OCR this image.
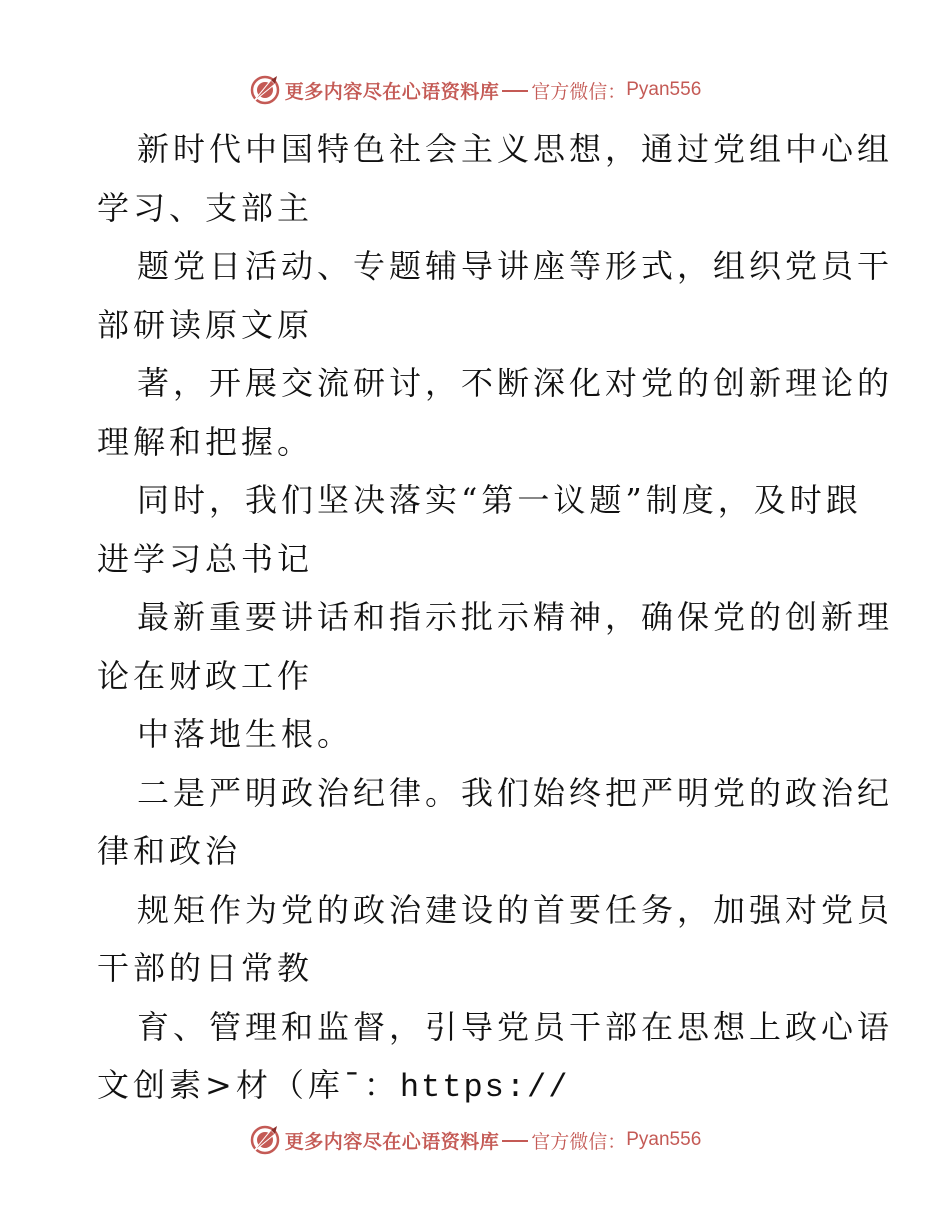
更多内容尽在心语资料库 官方微信： Pyan556
新时代中国特色社会主义思想，通过党组中心组
学习、支部主
题党日活动、专题辅导讲座等形式，组织党员干
部研读原文原
著，开展交流研讨，不断深化对党的创新理论的
理解和把握。
同时，我们坚决落实“第一议题”制度，及时跟
进学习总书记
最新重要讲话和指示批示精神，确保党的创新理
论在财政工作
中落地生根。
二是严明政治纪律。我们始终把严明党的政治纪
律和政治
规矩作为党的政治建设的首要任务，加强对党员
干部的日常教
育、管理和监督，引导党员干部在思想上政心语
文创素>材（库¯：https://
更多内容尽在心语资料库 官方微信： Pyan556
